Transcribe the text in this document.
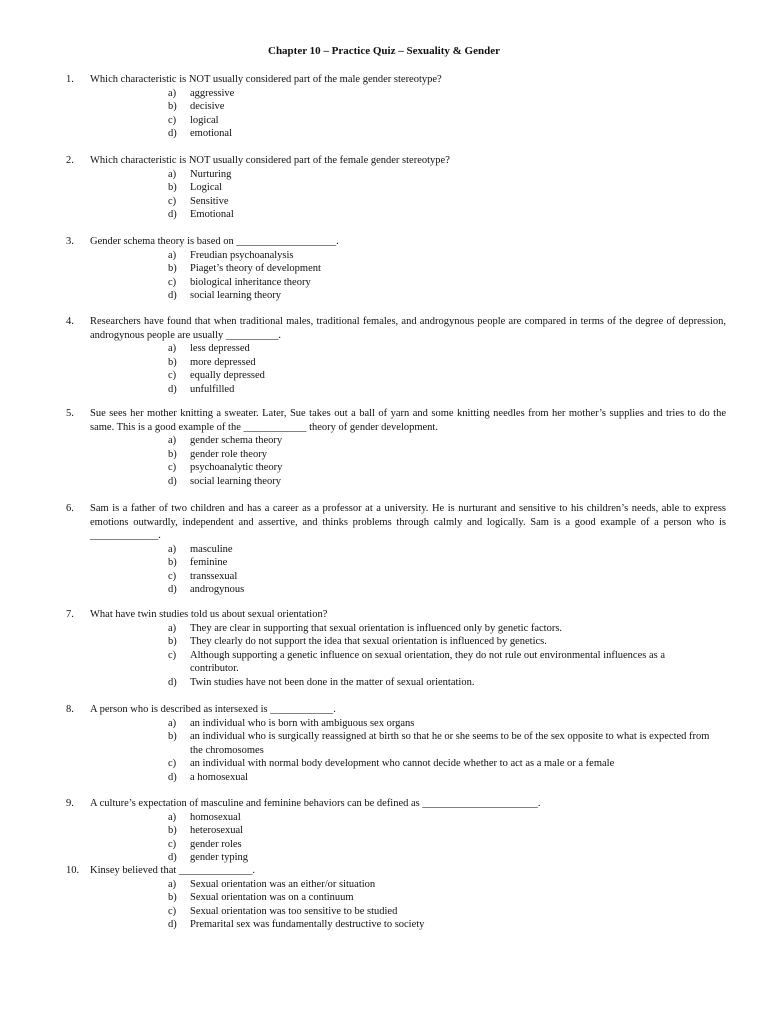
Chapter 10 – Practice Quiz – Sexuality & Gender
1.	Which characteristic is NOT usually considered part of the male gender stereotype?
a) aggressive
b) decisive
c) logical
d) emotional
2.	Which characteristic is NOT usually considered part of the female gender stereotype?
a) Nurturing
b) Logical
c) Sensitive
d) Emotional
3.	Gender schema theory is based on ___________________.
a) Freudian psychoanalysis
b) Piaget’s theory of development
c) biological inheritance theory
d) social learning theory
4.	Researchers have found that when traditional males, traditional females, and androgynous people are compared in terms of the degree of depression, androgynous people are usually __________.
a) less depressed
b) more depressed
c) equally depressed
d) unfulfilled
5.	Sue sees her mother knitting a sweater. Later, Sue takes out a ball of yarn and some knitting needles from her mother’s supplies and tries to do the same. This is a good example of the ____________ theory of gender development.
a) gender schema theory
b) gender role theory
c) psychoanalytic theory
d) social learning theory
6.	Sam is a father of two children and has a career as a professor at a university. He is nurturant and sensitive to his children’s needs, able to express emotions outwardly, independent and assertive, and thinks problems through calmly and logically. Sam is a good example of a person who is _____________.
a) masculine
b) feminine
c) transsexual
d) androgynous
7.	What have twin studies told us about sexual orientation?
a) They are clear in supporting that sexual orientation is influenced only by genetic factors.
b) They clearly do not support the idea that sexual orientation is influenced by genetics.
c) Although supporting a genetic influence on sexual orientation, they do not rule out environmental influences as a contributor.
d) Twin studies have not been done in the matter of sexual orientation.
8.	A person who is described as intersexed is ____________.
a) an individual who is born with ambiguous sex organs
b) an individual who is surgically reassigned at birth so that he or she seems to be of the sex opposite to what is expected from the chromosomes
c) an individual with normal body development who cannot decide whether to act as a male or a female
d) a homosexual
9.	A culture’s expectation of masculine and feminine behaviors can be defined as ______________________.
a) homosexual
b) heterosexual
c) gender roles
d) gender typing
10.	Kinsey believed that ______________.
a) Sexual orientation was an either/or situation
b) Sexual orientation was on a continuum
c) Sexual orientation was too sensitive to be studied
d) Premarital sex was fundamentally destructive to society
